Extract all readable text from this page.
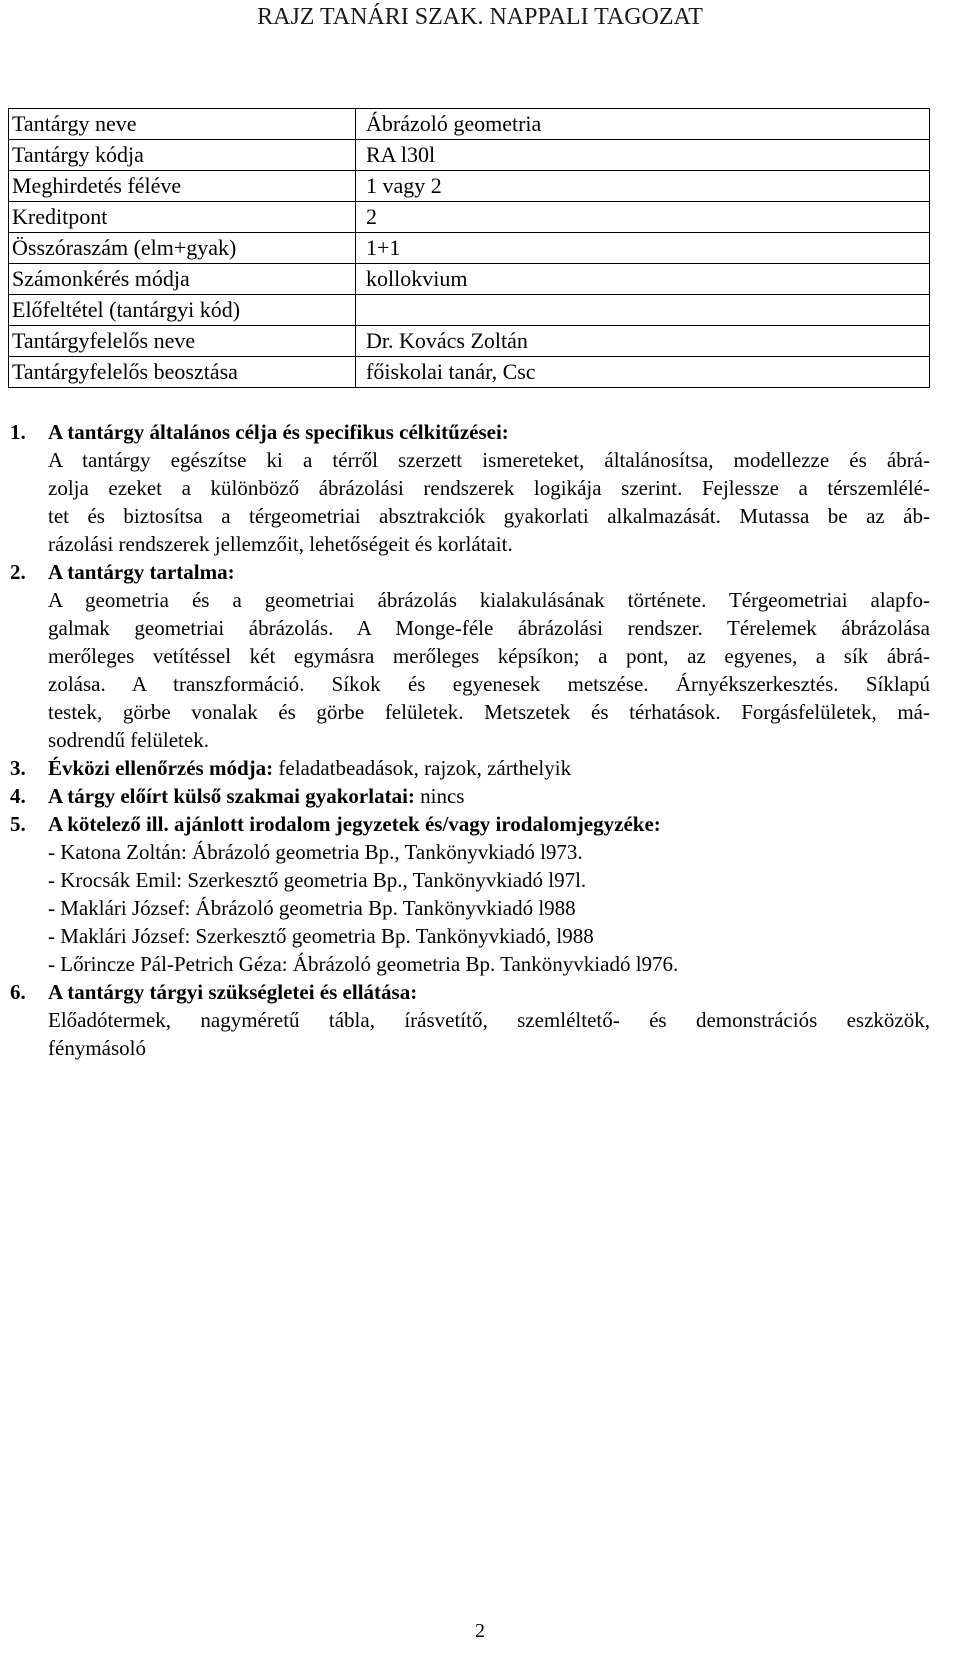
RAJZ TANÁRI SZAK. NAPPALI TAGOZAT
Tantárgy neve	Ábrázoló geometria
Tantárgy kódja	RA l30l
Meghirdetés féléve	1 vagy 2
Kreditpont	2
Összóraszám (elm+gyak)	1+1
Számonkérés módja	kollokvium
Előfeltétel (tantárgyi kód)	
Tantárgyfelelős neve	Dr. Kovács Zoltán
Tantárgyfelelős beosztása	főiskolai tanár, Csc
1. A tantárgy általános célja és specifikus célkitűzései:
A tantárgy egészítse ki a térről szerzett ismereteket, általánosítsa, modellezze és ábrá-
zolja ezeket a különböző ábrázolási rendszerek logikája szerint. Fejlessze a térszemlélé-
tet és biztosítsa a térgeometriai absztrakciók gyakorlati alkalmazását. Mutassa be az áb-
rázolási rendszerek jellemzőit, lehetőségeit és korlátait.
2. A tantárgy tartalma:
A geometria és a geometriai ábrázolás kialakulásának története. Térgeometriai alapfo-
galmak geometriai ábrázolás. A Monge-féle ábrázolási rendszer. Térelemek ábrázolása
merőleges vetítéssel két egymásra merőleges képsíkon; a pont, az egyenes, a sík ábrá-
zolása. A transzformáció. Síkok és egyenesek metszése. Árnyékszerkesztés. Síklapú
testek, görbe vonalak és görbe felületek. Metszetek és térhatások. Forgásfelületek, má-
sodrendű felületek.
3. Évközi ellenőrzés módja: feladatbeadások, rajzok, zárthelyik
4. A tárgy előírt külső szakmai gyakorlatai: nincs
5. A kötelező ill. ajánlott irodalom jegyzetek és/vagy irodalomjegyzéke:
- Katona Zoltán: Ábrázoló geometria Bp., Tankönyvkiadó l973.
- Krocsák Emil: Szerkesztő geometria Bp., Tankönyvkiadó l97l.
- Maklári József: Ábrázoló geometria Bp. Tankönyvkiadó l988
- Maklári József: Szerkesztő geometria Bp. Tankönyvkiadó, l988
- Lőrincze Pál-Petrich Géza: Ábrázoló geometria Bp. Tankönyvkiadó l976.
6. A tantárgy tárgyi szükségletei és ellátása:
Előadótermek, nagyméretű tábla, írásvetítő, szemléltető- és demonstrációs eszközök,
fénymásoló
2
